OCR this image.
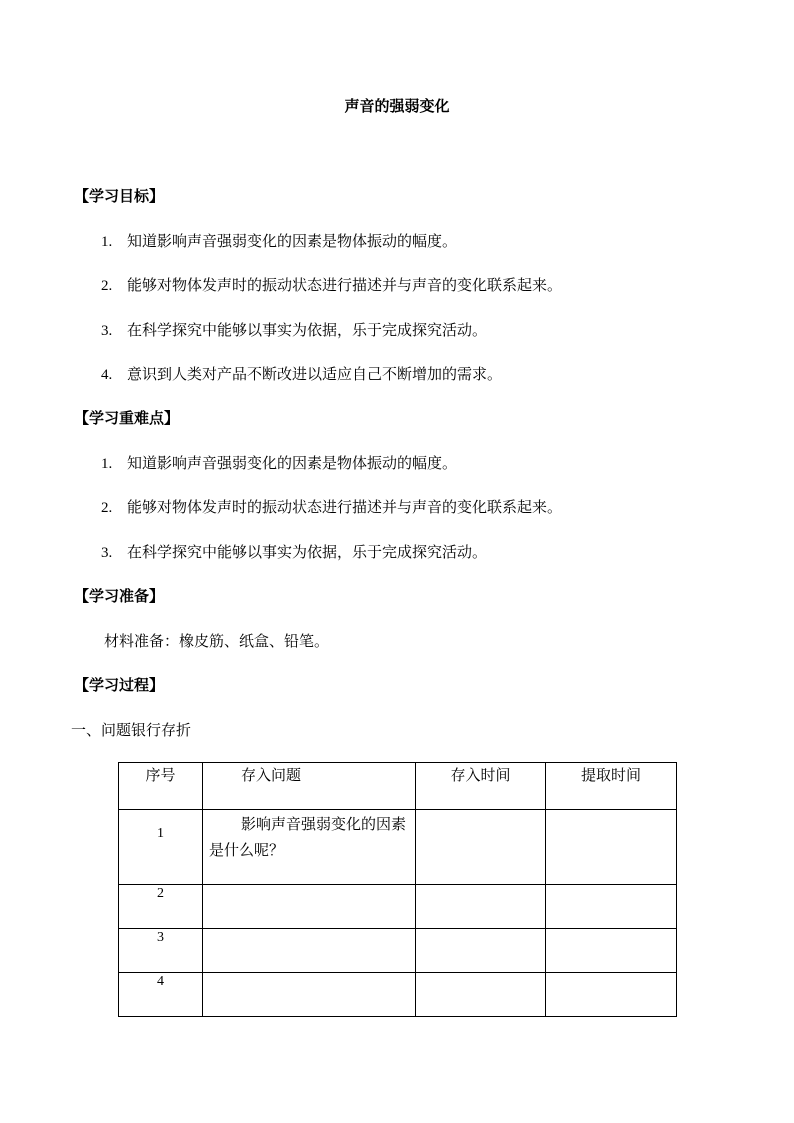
声音的强弱变化
【学习目标】
1. 知道影响声音强弱变化的因素是物体振动的幅度。
2. 能够对物体发声时的振动状态进行描述并与声音的变化联系起来。
3. 在科学探究中能够以事实为依据，乐于完成探究活动。
4. 意识到人类对产品不断改进以适应自己不断增加的需求。
【学习重难点】
1. 知道影响声音强弱变化的因素是物体振动的幅度。
2. 能够对物体发声时的振动状态进行描述并与声音的变化联系起来。
3. 在科学探究中能够以事实为依据，乐于完成探究活动。
【学习准备】
材料准备：橡皮筋、纸盒、铅笔。
【学习过程】
一、问题银行存折
序号	存入问题	存入时间	提取时间
1	影响声音强弱变化的因素是什么呢？		
2			
3			
4			
